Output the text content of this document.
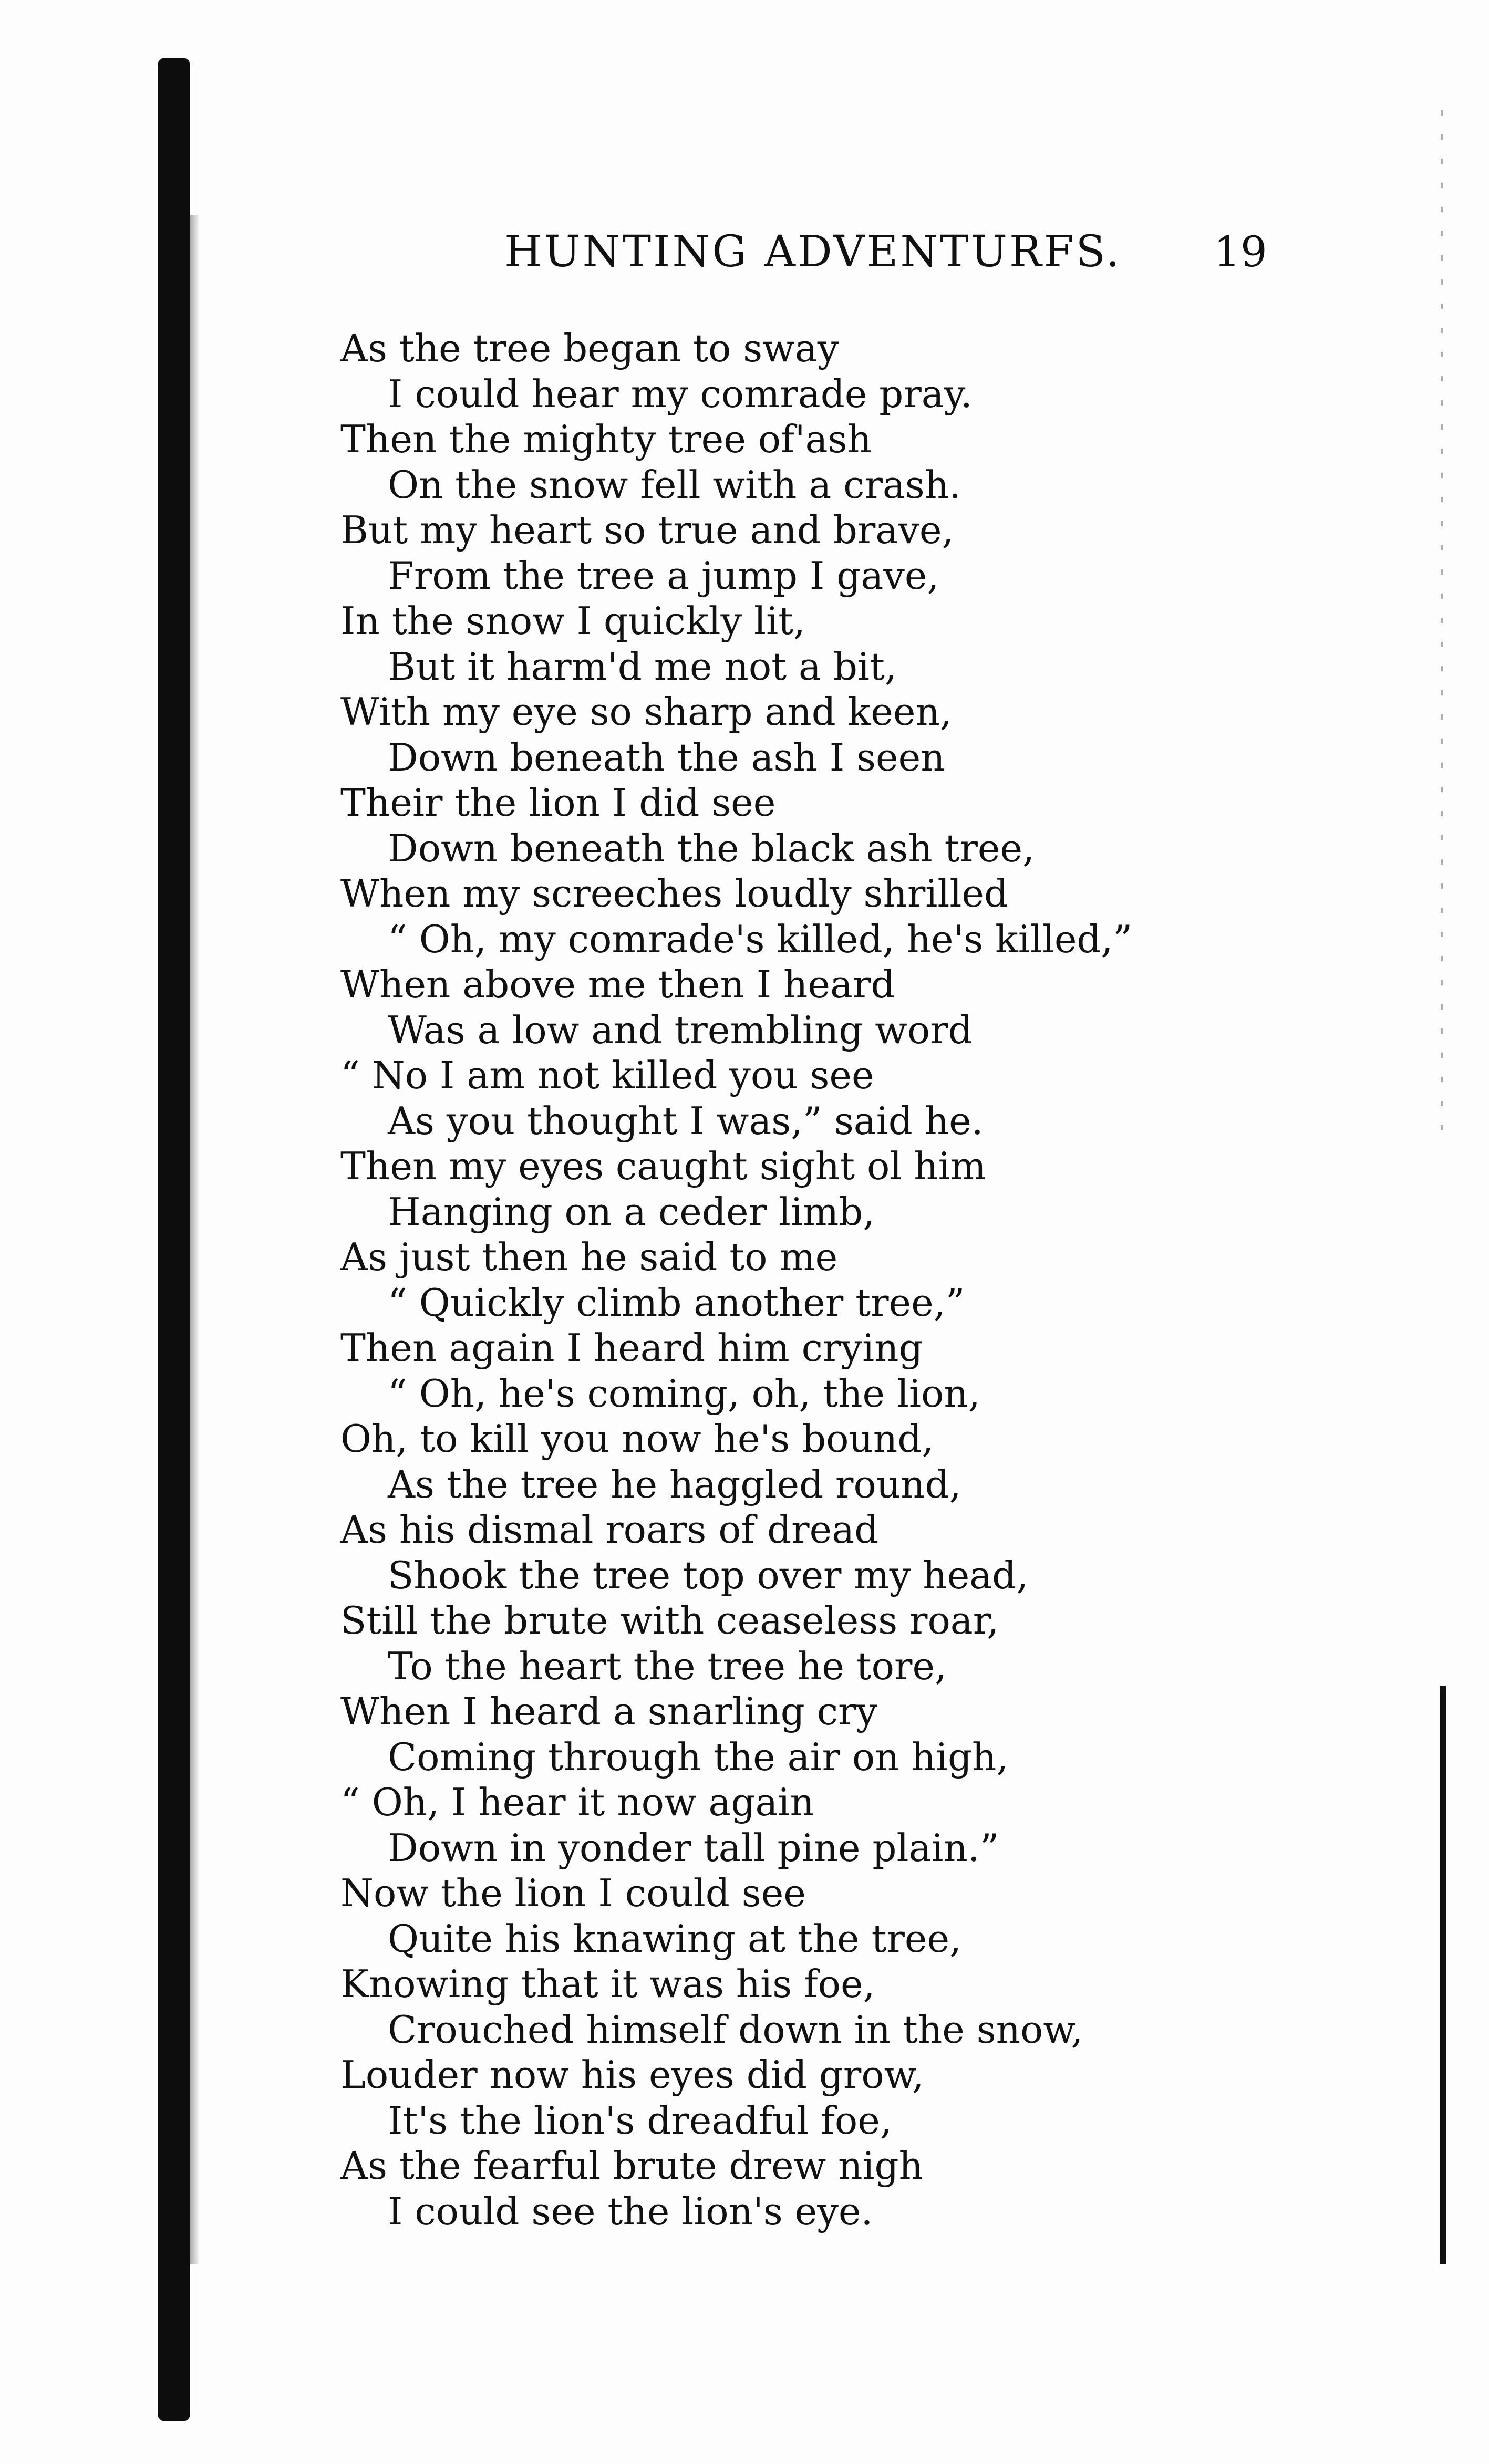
HUNTING ADVENTURFS. 19
As the tree began to sway
I could hear my comrade pray.
Then the mighty tree of'ash
On the snow fell with a crash.
But my heart so true and brave,
From the tree a jump I gave,
In the snow I quickly lit,
But it harm'd me not a bit,
With my eye so sharp and keen,
Down beneath the ash I seen
Their the lion I did see
Down beneath the black ash tree,
When my screeches loudly shrilled
“ Oh, my comrade's killed, he's killed,”
When above me then I heard
Was a low and trembling word
“ No I am not killed you see
As you thought I was,” said he.
Then my eyes caught sight ol him
Hanging on a ceder limb,
As just then he said to me
“ Quickly climb another tree,”
Then again I heard him crying
“ Oh, he's coming, oh, the lion,
Oh, to kill you now he's bound,
As the tree he haggled round,
As his dismal roars of dread
Shook the tree top over my head,
Still the brute with ceaseless roar,
To the heart the tree he tore,
When I heard a snarling cry
Coming through the air on high,
“ Oh, I hear it now again
Down in yonder tall pine plain.”
Now the lion I could see
Quite his knawing at the tree,
Knowing that it was his foe,
Crouched himself down in the snow,
Louder now his eyes did grow,
It's the lion's dreadful foe,
As the fearful brute drew nigh
I could see the lion's eye.
